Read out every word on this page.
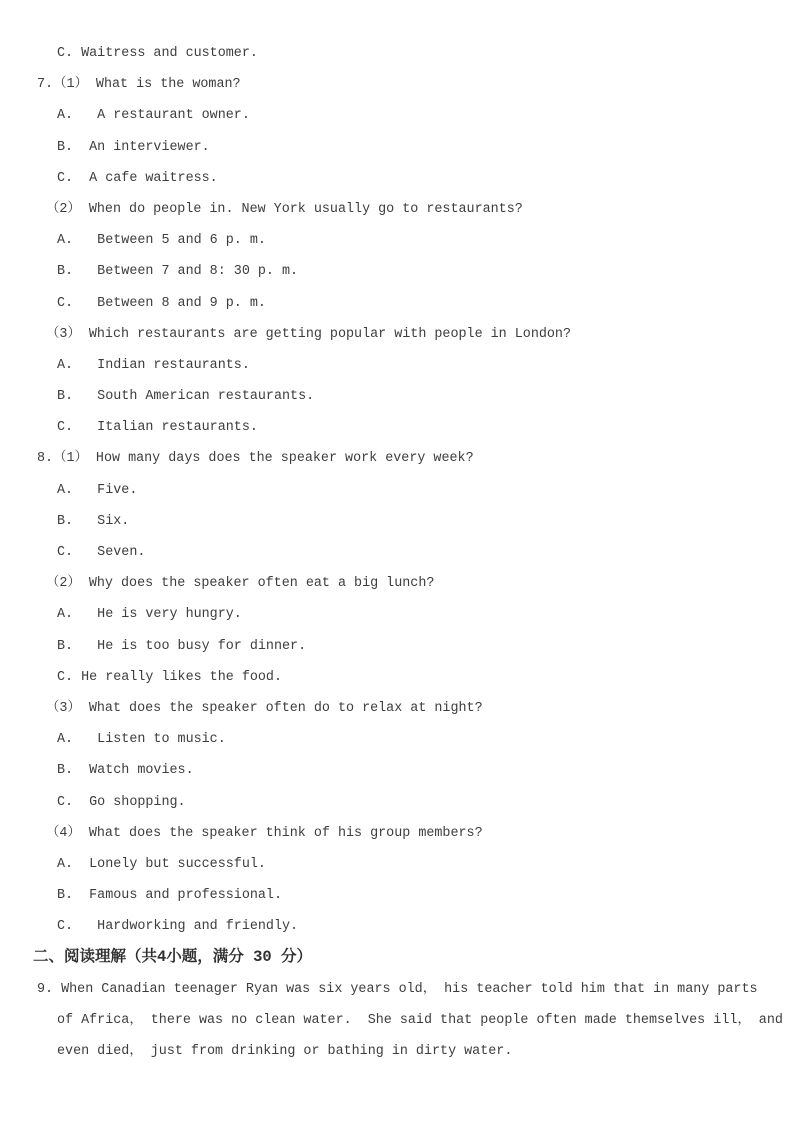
C. Waitress and customer.
7.（1） What is the woman?
A.   A restaurant owner.
B.  An interviewer.
C.  A cafe waitress.
（2） When do people in. New York usually go to restaurants?
A.   Between 5 and 6 p. m.
B.   Between 7 and 8: 30 p. m.
C.   Between 8 and 9 p. m.
（3） Which restaurants are getting popular with people in London?
A.   Indian restaurants.
B.   South American restaurants.
C.   Italian restaurants.
8.（1） How many days does the speaker work every week?
A.   Five.
B.   Six.
C.   Seven.
（2） Why does the speaker often eat a big lunch?
A.   He is very hungry.
B.   He is too busy for dinner.
C. He really likes the food.
（3） What does the speaker often do to relax at night?
A.   Listen to music.
B.  Watch movies.
C.  Go shopping.
（4） What does the speaker think of his group members?
A.  Lonely but successful.
B.  Famous and professional.
C.   Hardworking and friendly.
二、阅读理解（共4小题，满分 30 分）
9. When Canadian teenager Ryan was six years old， his teacher told him that in many parts
of Africa， there was no clean water.  She said that people often made themselves ill， and
even died， just from drinking or bathing in dirty water.
